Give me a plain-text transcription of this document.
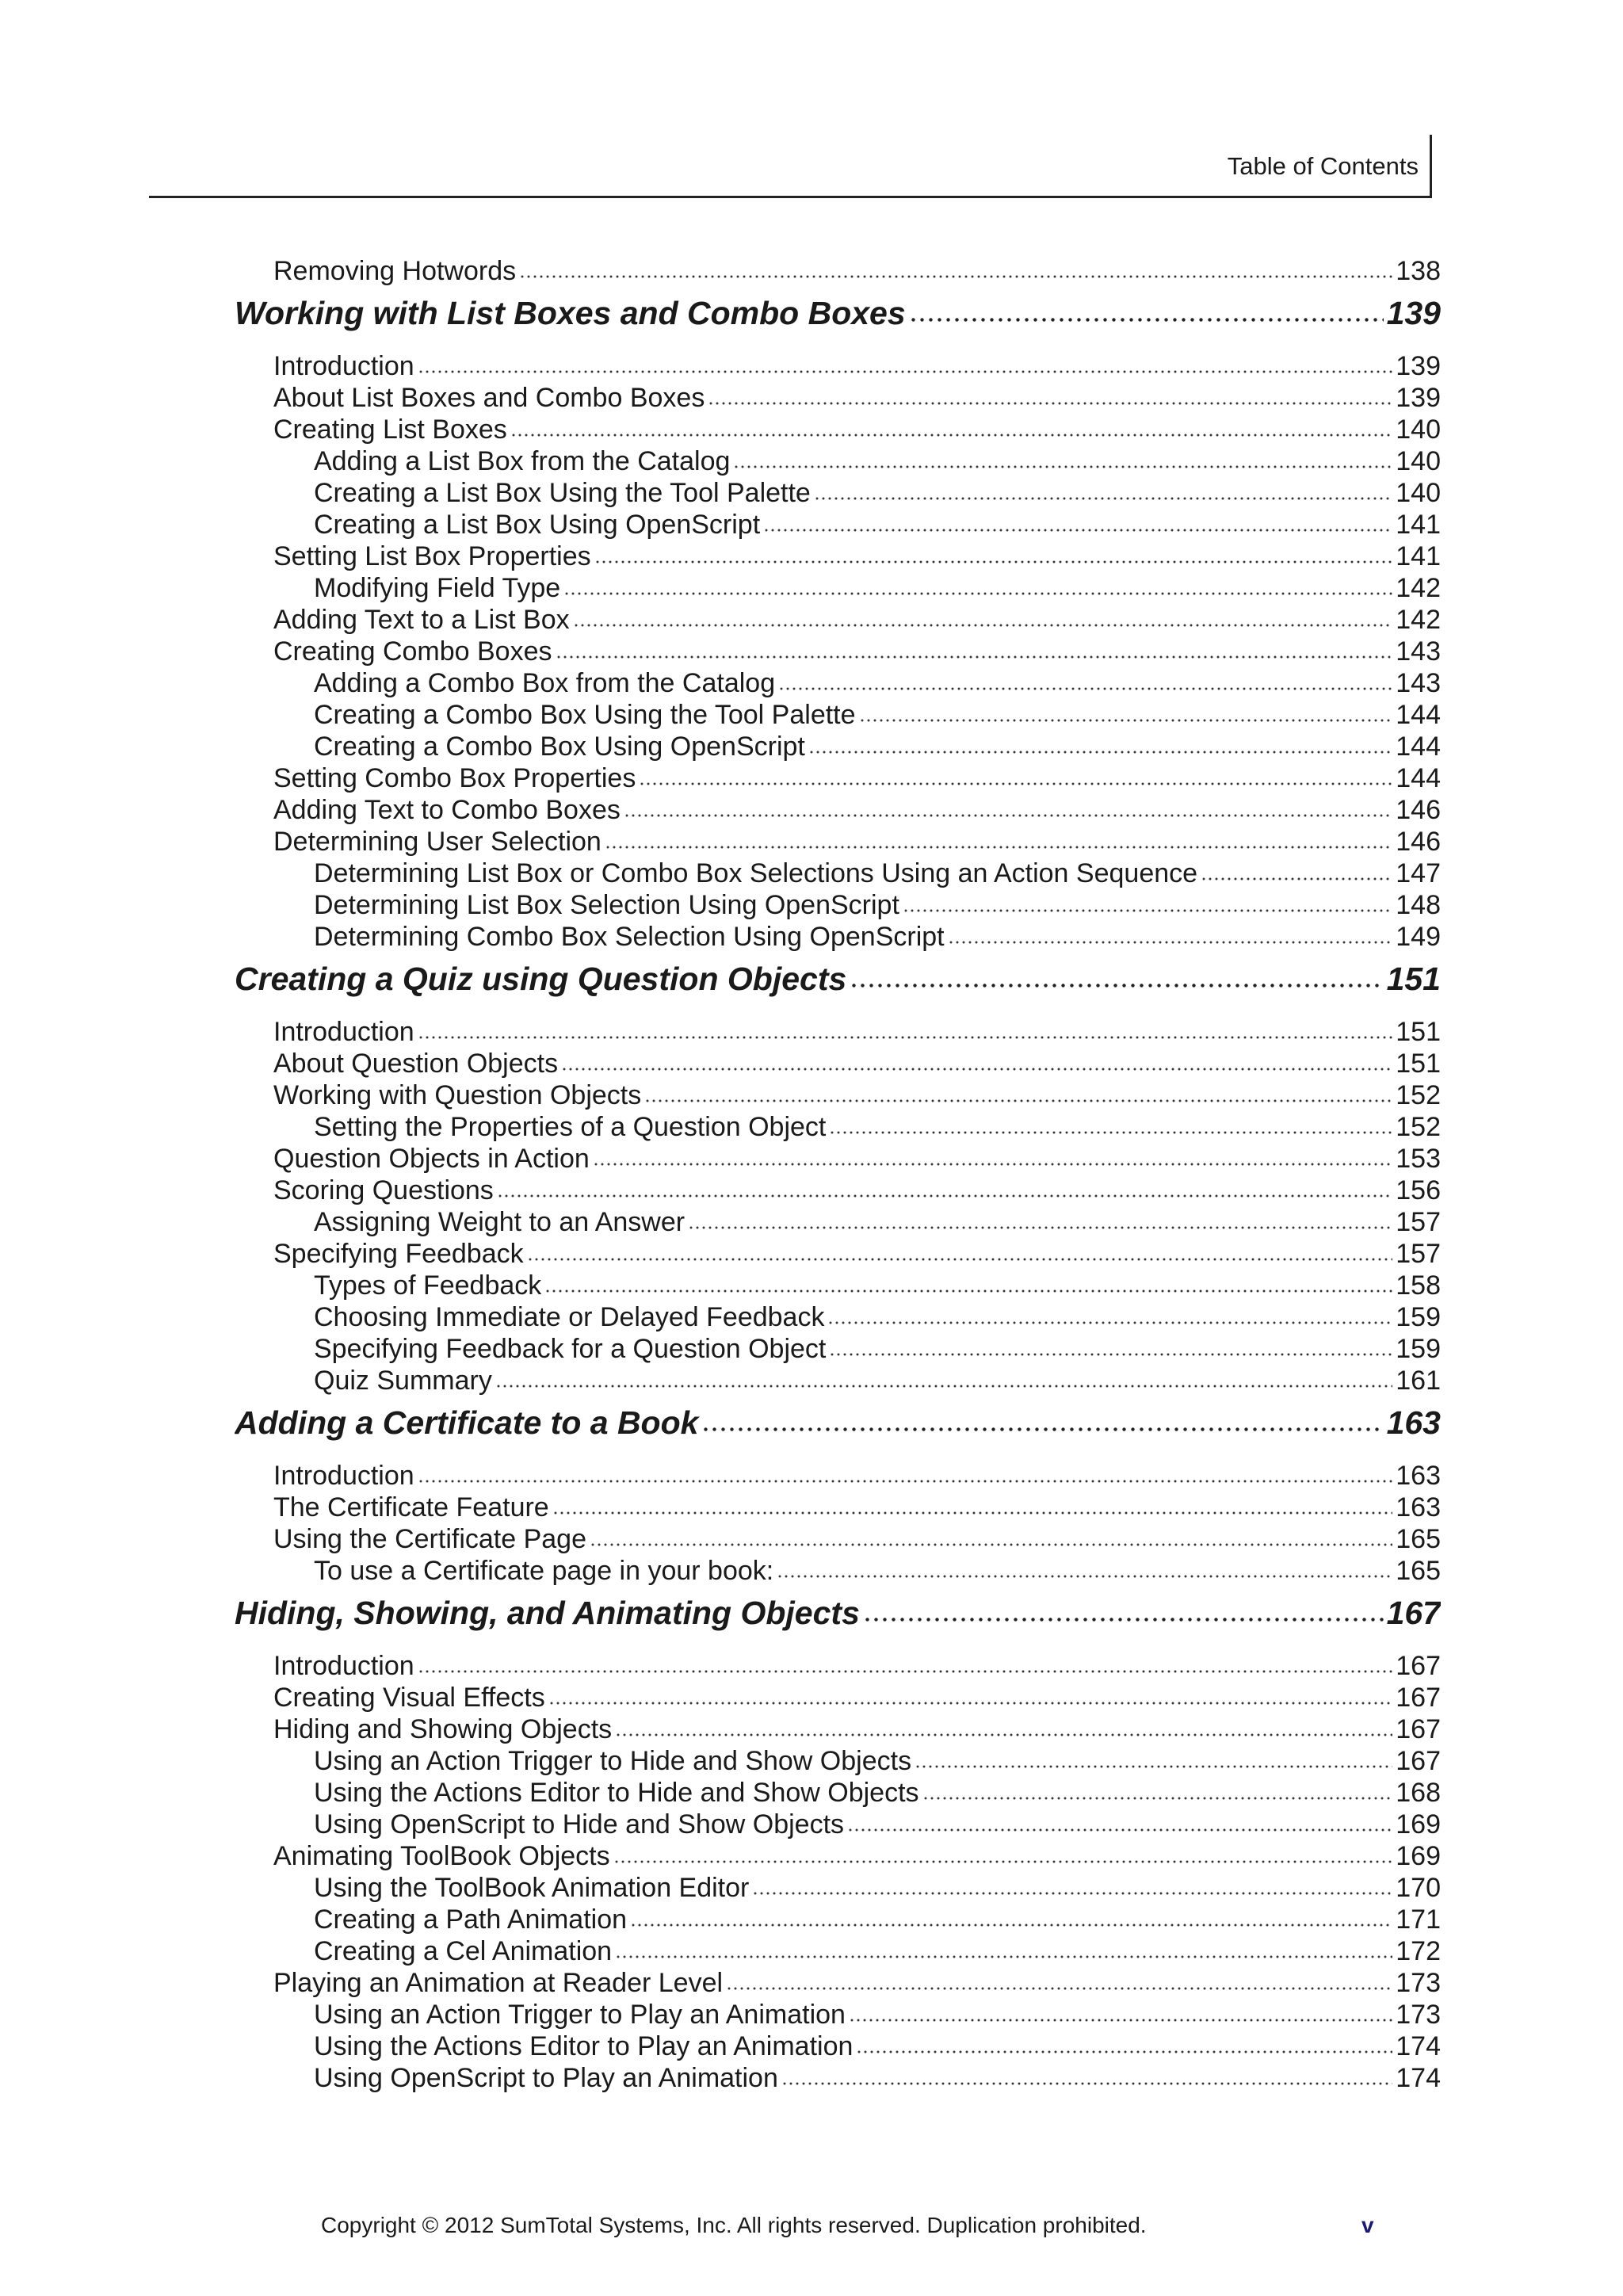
Table of Contents
Removing Hotwords	138
Working with List Boxes and Combo Boxes	139
Introduction	139
About List Boxes and Combo Boxes	139
Creating List Boxes	140
Adding a List Box from the Catalog	140
Creating a List Box Using the Tool Palette	140
Creating a List Box Using OpenScript	141
Setting List Box Properties	141
Modifying Field Type	142
Adding Text to a List Box	142
Creating Combo Boxes	143
Adding a Combo Box from the Catalog	143
Creating a Combo Box Using the Tool Palette	144
Creating a Combo Box Using OpenScript	144
Setting Combo Box Properties	144
Adding Text to Combo Boxes	146
Determining User Selection	146
Determining List Box or Combo Box Selections Using an Action Sequence	147
Determining List Box Selection Using OpenScript	148
Determining Combo Box Selection Using OpenScript	149
Creating a Quiz using Question Objects	151
Introduction	151
About Question Objects	151
Working with Question Objects	152
Setting the Properties of a Question Object	152
Question Objects in Action	153
Scoring Questions	156
Assigning Weight to an Answer	157
Specifying Feedback	157
Types of Feedback	158
Choosing Immediate or Delayed Feedback	159
Specifying Feedback for a Question Object	159
Quiz Summary	161
Adding a Certificate to a Book	163
Introduction	163
The Certificate Feature	163
Using the Certificate Page	165
To use a Certificate page in your book:	165
Hiding, Showing, and Animating Objects	167
Introduction	167
Creating Visual Effects	167
Hiding and Showing Objects	167
Using an Action Trigger to Hide and Show Objects	167
Using the Actions Editor to Hide and Show Objects	168
Using OpenScript to Hide and Show Objects	169
Animating ToolBook Objects	169
Using the ToolBook Animation Editor	170
Creating a Path Animation	171
Creating a Cel Animation	172
Playing an Animation at Reader Level	173
Using an Action Trigger to Play an Animation	173
Using the Actions Editor to Play an Animation	174
Using OpenScript to Play an Animation	174
Copyright © 2012 SumTotal Systems, Inc. All rights reserved. Duplication prohibited.	v
